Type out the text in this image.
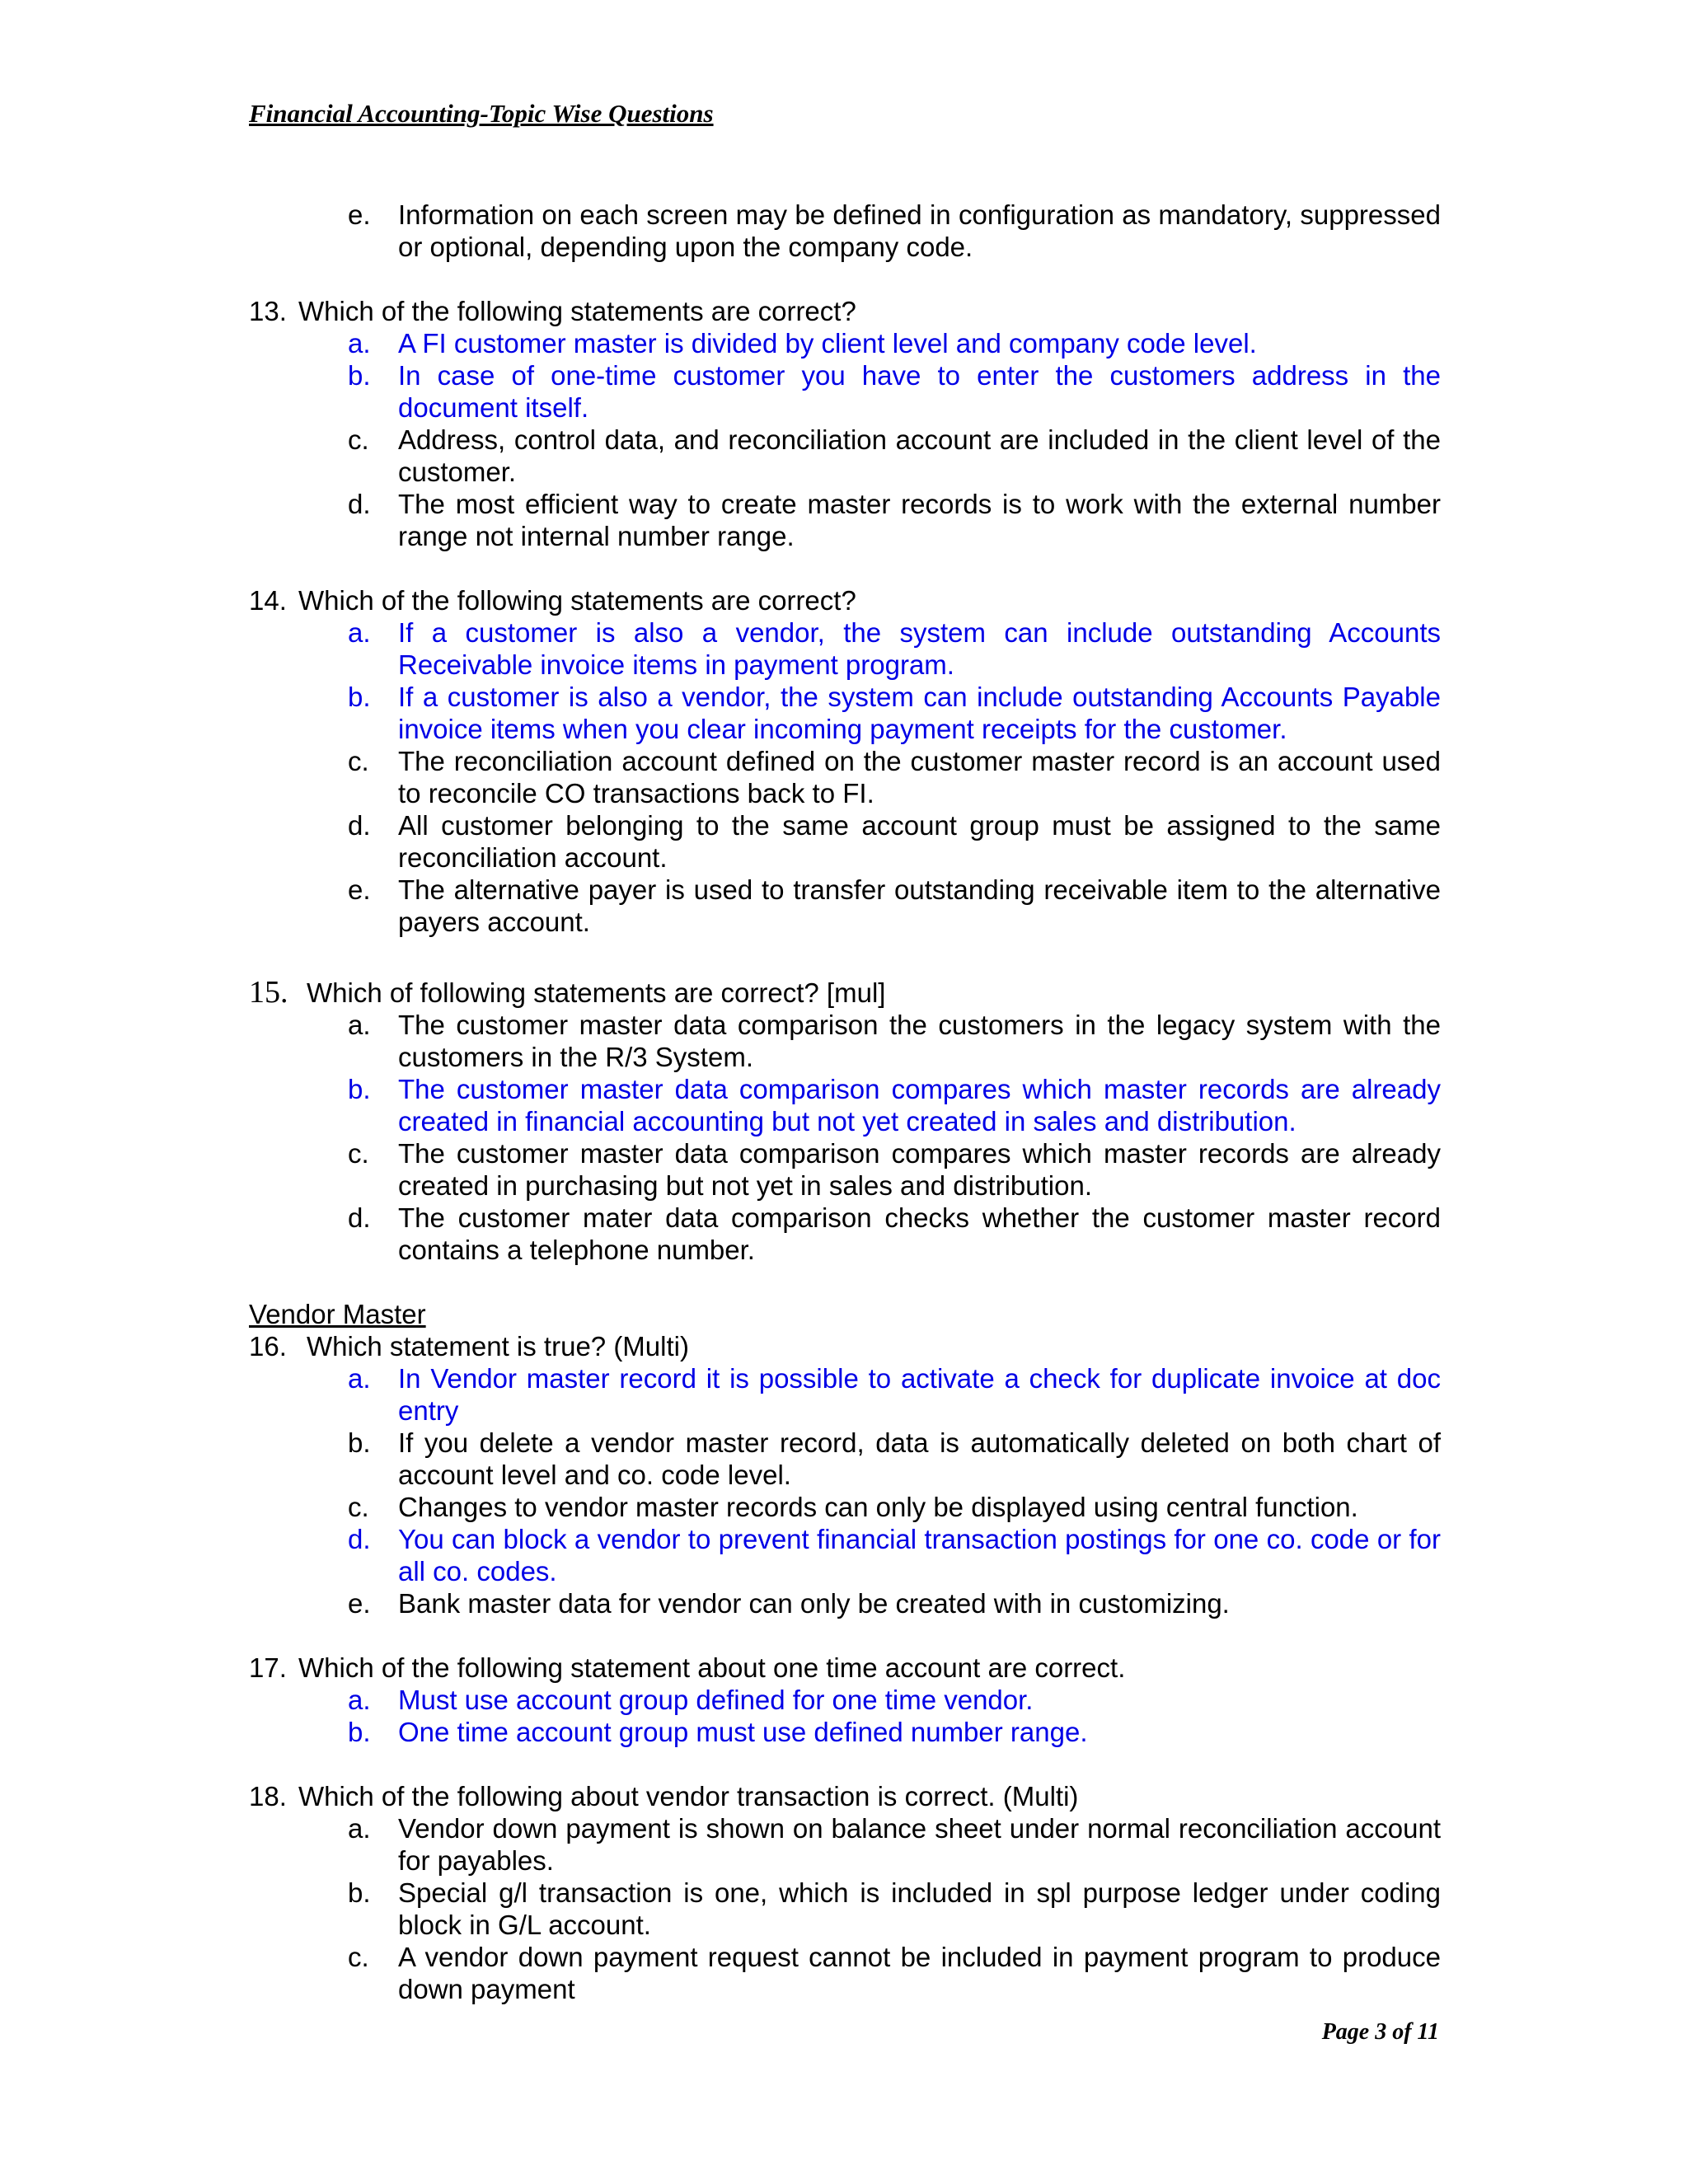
Financial Accounting-Topic Wise Questions
e.	Information on each screen may be defined in configuration as mandatory, suppressed or optional, depending upon the company code.
13. Which of the following statements are correct?
a.	A FI customer master is divided by client level and company code level.
b.	In case of one-time customer you have to enter the customers address in the document itself.
c.	Address, control data, and reconciliation account are included in the client level of the customer.
d.	The most efficient way to create master records is to work with the external number range not internal number range.
14. Which of the following statements are correct?
a.	If a customer is also a vendor, the system can include outstanding Accounts Receivable invoice items in payment program.
b.	If a customer is also a vendor, the system can include outstanding Accounts Payable invoice items when you clear incoming payment receipts for the customer.
c.	The reconciliation account defined on the customer master record is an account used to reconcile CO transactions back to FI.
d.	All customer belonging to the same account group must be assigned to the same reconciliation account.
e.	The alternative payer is used to transfer outstanding receivable item to the alternative payers account.
15. Which of following statements are correct? [mul]
a.	The customer master data comparison the customers in the legacy system with the customers in the R/3 System.
b.	The customer master data comparison compares which master records are already created in financial accounting but not yet created in sales and distribution.
c.	The customer master data comparison compares which master records are already created in purchasing but not yet in sales and distribution.
d.	The customer mater data comparison checks whether the customer master record contains a telephone number.
Vendor Master
16. Which statement is true? (Multi)
a.	In Vendor master record it is possible to activate a check for duplicate invoice at doc entry
b.	If you delete a vendor master record, data is automatically deleted on both chart of account level and co. code level.
c.	Changes to vendor master records can only be displayed using central function.
d.	You can block a vendor to prevent financial transaction postings for one co. code or for all co. codes.
e.	Bank master data for vendor can only be created with in customizing.
17. Which of the following statement about one time account are correct.
a.	Must use account group defined for one time vendor.
b.	One time account group must use defined number range.
18. Which of the following about vendor transaction is correct. (Multi)
a.	Vendor down payment is shown on balance sheet under normal reconciliation account for payables.
b.	Special g/l transaction is one, which is included in spl purpose ledger under coding block in G/L account.
c.	A vendor down payment request cannot be included in payment program to produce down payment
Page 3 of 11
